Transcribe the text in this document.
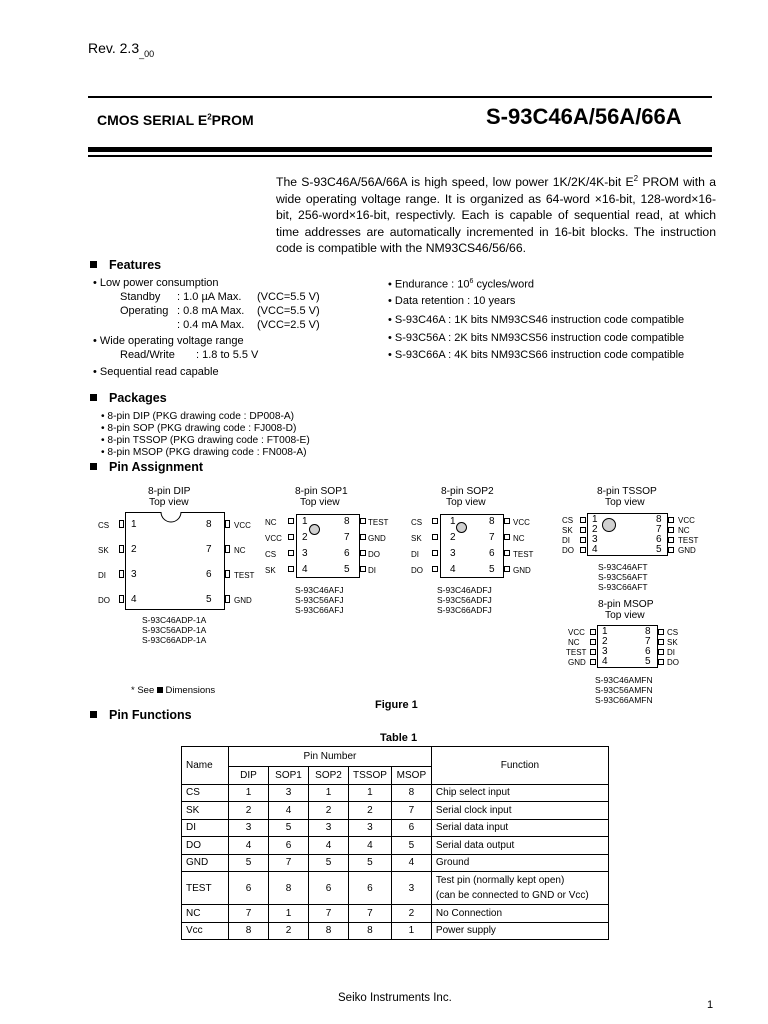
Rev. $2.3_{\_00}$
CMOS SERIAL $E^2PROM$	S-93C46A/56A/66A
The S-93C46A/56A/66A is high speed, low power 1K/2K/4K-bit $E^2$ PROM with a wide operating voltage range. It is organized as 64-word ×16-bit, 128-word×16-bit, 256-word×16-bit, respectivly. Each is capable of sequential read, at which time addresses are automatically incremented in 16-bit blocks. The instruction code is compatible with the NM93CS46/56/66.
Features
• Low power consumption
Standby : 1.0 µA Max. (VCC=5.5 V)
Operating : 0.8 mA Max. (VCC=5.5 V)
: 0.4 mA Max. (VCC=2.5 V)
• Wide operating voltage range
Read/Write : 1.8 to 5.5 V
• Sequential read capable
• Endurance : $10^6$ cycles/word
• Data retention : 10 years
• S-93C46A : 1K bits NM93CS46 instruction code compatible
• S-93C56A : 2K bits NM93CS56 instruction code compatible
• S-93C66A : 4K bits NM93CS66 instruction code compatible
Packages
• 8-pin DIP (PKG drawing code : DP008-A)
• 8-pin SOP (PKG drawing code : FJ008-D)
• 8-pin TSSOP (PKG drawing code : FT008-E)
• 8-pin MSOP (PKG drawing code : FN008-A)
Pin Assignment
8-pin DIP
Top view
CS
SK
DI
DO
1
2
3
4
8
7
6
5
VCC
NC
TEST
GND
S-93C46ADP-1A
S-93C56ADP-1A
S-93C66ADP-1A
8-pin SOP1
Top view
NC
VCC
CS
SK
1
2
3
4
8
7
6
5
TEST
GND
DO
DI
S-93C46AFJ
S-93C56AFJ
S-93C66AFJ
8-pin SOP2
Top view
CS
SK
DI
DO
1
2
3
4
8
7
6
5
VCC
NC
TEST
GND
S-93C46ADFJ
S-93C56ADFJ
S-93C66ADFJ
8-pin TSSOP
Top view
CS
SK
DI
DO
1
2
3
4
8
7
6
5
VCC
NC
TEST
GND
S-93C46AFT
S-93C56AFT
S-93C66AFT
8-pin MSOP
Top view
VCC
NC
TEST
GND
1
2
3
4
8
7
6
5
CS
SK
DI
DO
S-93C46AMFN
S-93C56AMFN
S-93C66AMFN
* See Dimensions
Figure 1
Pin Functions
Table 1
Name	Pin Number					Function
	DIP	SOP1	SOP2	TSSOP	MSOP	
CS	1	3	1	1	8	Chip select input
SK	2	4	2	2	7	Serial clock input
DI	3	5	3	3	6	Serial data input
DO	4	6	4	4	5	Serial data output
GND	5	7	5	5	4	Ground
TEST	6	8	6	6	3	Test pin (normally kept open)
(can be connected to GND or Vcc)

NC	7	1	7	7	2	No Connection
Vcc	8	2	8	8	1	Power supply
Seiko Instruments Inc.
1
